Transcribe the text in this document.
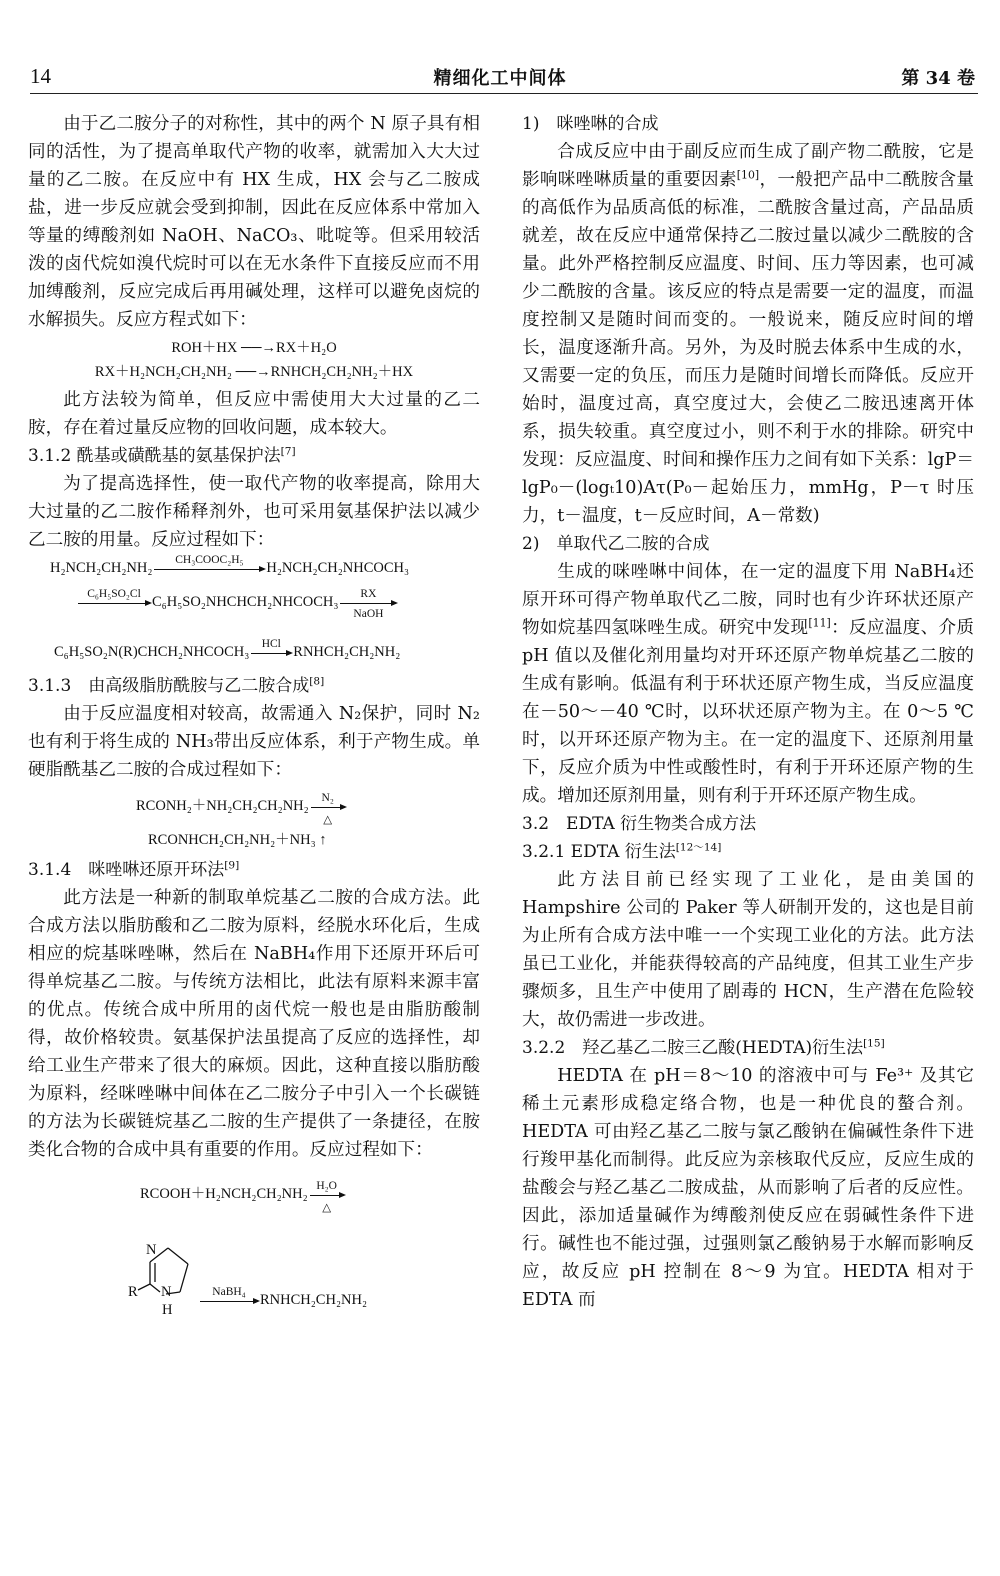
14	精细化工中间体	第 34 卷

由于乙二胺分子的对称性，其中的两个 N 原子具有相同的活性，为了提高单取代产物的收率，就需加入大大过量的乙二胺。在反应中有 HX 生成，HX 会与乙二胺成盐，进一步反应就会受到抑制，因此在反应体系中常加入等量的缚酸剂如 NaOH、NaCO₃、吡啶等。但采用较活泼的卤代烷如溴代烷时可以在无水条件下直接反应而不用加缚酸剂，反应完成后再用碱处理，这样可以避免卤烷的水解损失。反应方程式如下：

ROH＋HX ──→RX＋H₂O
RX＋H₂NCH₂CH₂NH₂ ──→RNHCH₂CH₂NH₂＋HX

此方法较为简单，但反应中需使用大大过量的乙二胺，存在着过量反应物的回收问题，成本较大。

3.1.2 酰基或磺酰基的氨基保护法[7]

为了提高选择性，使一取代产物的收率提高，除用大大过量的乙二胺作稀释剂外，也可采用氨基保护法以减少乙二胺的用量。反应过程如下：

H₂NCH₂CH₂NH₂
CH₃COOC₂H₅
H₂NCH₂CH₂NHCOCH₃
C₆H₅SO₂Cl
C₆H₅SO₂NHCHCH₂NHCOCH₃
RX
NaOH
C₆H₅SO₂N(R)CHCH₂NHCOCH₃
HCl
RNHCH₂CH₂NH₂
3.1.3　由高级脂肪酰胺与乙二胺合成[8]

由于反应温度相对较高，故需通入 N₂保护，同时 N₂也有利于将生成的 NH₃带出反应体系，利于产物生成。单硬脂酰基乙二胺的合成过程如下：

RCONH₂＋NH₂CH₂CH₂NH₂
N₂
△
RCONHCH₂CH₂NH₂＋NH₃ ↑
3.1.4　咪唑啉还原开环法[9]

此方法是一种新的制取单烷基乙二胺的合成方法。此合成方法以脂肪酸和乙二胺为原料，经脱水环化后，生成相应的烷基咪唑啉，然后在 NaBH₄作用下还原开环后可得单烷基乙二胺。与传统方法相比，此法有原料来源丰富的优点。传统合成中所用的卤代烷一般也是由脂肪酸制得，故价格较贵。氨基保护法虽提高了反应的选择性，却给工业生产带来了很大的麻烦。因此，这种直接以脂肪酸为原料，经咪唑啉中间体在乙二胺分子中引入一个长碳链的方法为长碳链烷基乙二胺的生产提供了一条捷径，在胺类化合物的合成中具有重要的作用。反应过程如下：

RCOOH＋H₂NCH₂CH₂NH₂
H₂O
△
N
R N
H
NaBH₄
RNHCH₂CH₂NH₂
1)　咪唑啉的合成

合成反应中由于副反应而生成了副产物二酰胺，它是影响咪唑啉质量的重要因素[10]，一般把产品中二酰胺含量的高低作为品质高低的标准，二酰胺含量过高，产品品质就差，故在反应中通常保持乙二胺过量以减少二酰胺的含量。此外严格控制反应温度、时间、压力等因素，也可减少二酰胺的含量。该反应的特点是需要一定的温度，而温度控制又是随时间而变的。一般说来，随反应时间的增长，温度逐渐升高。另外，为及时脱去体系中生成的水，又需要一定的负压，而压力是随时间增长而降低。反应开始时，温度过高，真空度过大，会使乙二胺迅速离开体系，损失较重。真空度过小，则不利于水的排除。研究中发现：反应温度、时间和操作压力之间有如下关系：lgP＝lgP₀－(logₜ10)Aτ(P₀－起始压力，mmHg，P－τ 时压力，t－温度，t－反应时间，A－常数)

2)　单取代乙二胺的合成

生成的咪唑啉中间体，在一定的温度下用 NaBH₄还原开环可得产物单取代乙二胺，同时也有少许环状还原产物如烷基四氢咪唑生成。研究中发现[11]：反应温度、介质 pH 值以及催化剂用量均对开环还原产物单烷基乙二胺的生成有影响。低温有利于环状还原产物生成，当反应温度在－50～－40 ℃时，以环状还原产物为主。在 0～5 ℃时，以开环还原产物为主。在一定的温度下、还原剂用量下，反应介质为中性或酸性时，有利于开环还原产物的生成。增加还原剂用量，则有利于开环还原产物生成。

3.2　EDTA 衍生物类合成方法
3.2.1 EDTA 衍生法[12～14]

此方法目前已经实现了工业化，是由美国的 Hampshire 公司的 Paker 等人研制开发的，这也是目前为止所有合成方法中唯一一个实现工业化的方法。此方法虽已工业化，并能获得较高的产品纯度，但其工业生产步骤烦多，且生产中使用了剧毒的 HCN，生产潜在危险较大，故仍需进一步改进。

3.2.2　羟乙基乙二胺三乙酸(HEDTA)衍生法[15]

HEDTA 在 pH＝8～10 的溶液中可与 Fe³⁺ 及其它稀土元素形成稳定络合物，也是一种优良的螯合剂。HEDTA 可由羟乙基乙二胺与氯乙酸钠在偏碱性条件下进行羧甲基化而制得。此反应为亲核取代反应，反应生成的盐酸会与羟乙基乙二胺成盐，从而影响了后者的反应性。因此，添加适量碱作为缚酸剂使反应在弱碱性条件下进行。碱性也不能过强，过强则氯乙酸钠易于水解而影响反应，故反应 pH 控制在 8～9 为宜。HEDTA 相对于 EDTA 而
